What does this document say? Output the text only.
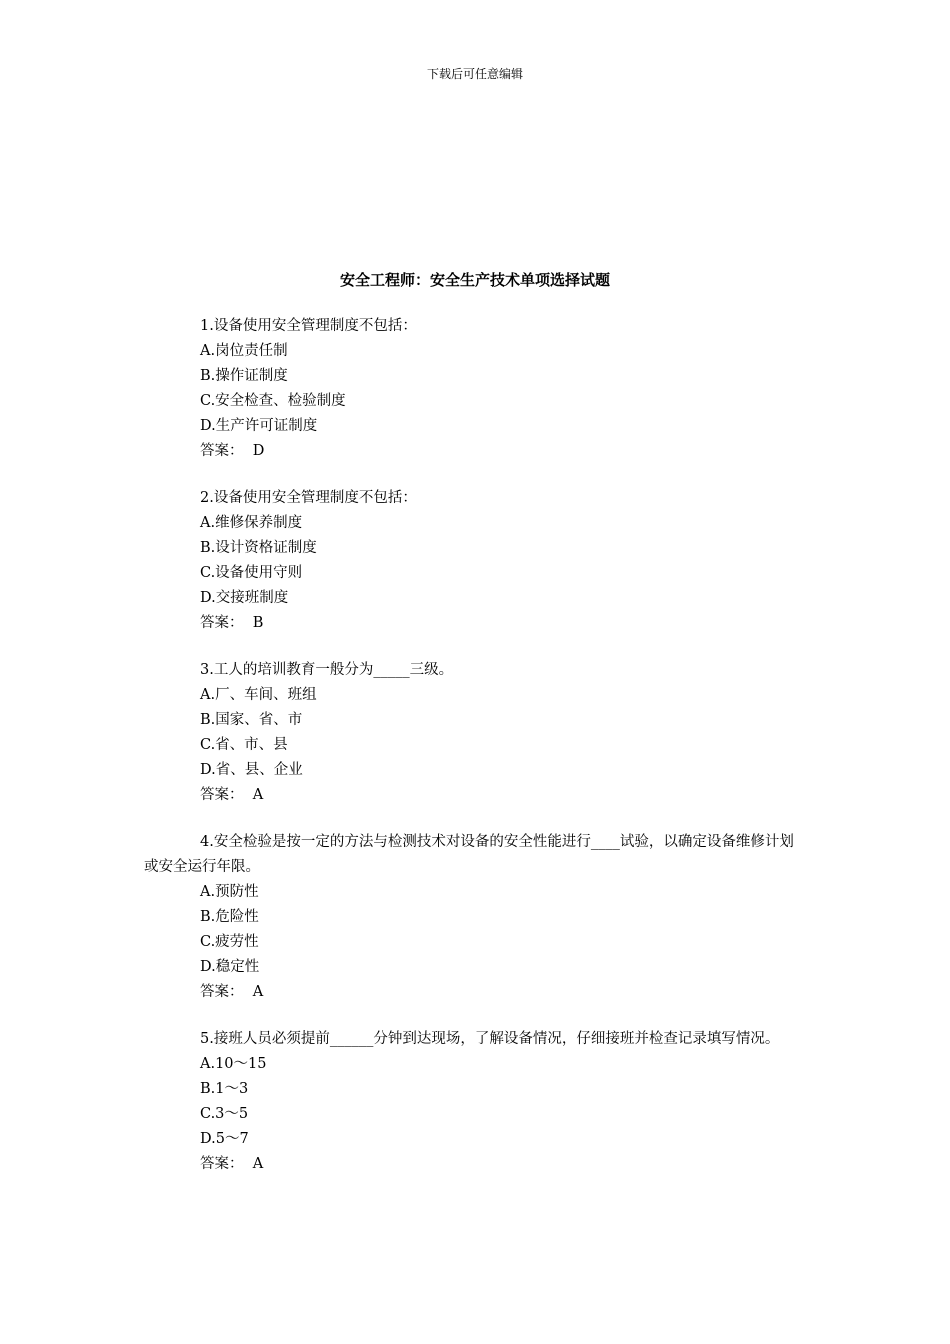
下载后可任意编辑
安全工程师：安全生产技术单项选择试题
1.设备使用安全管理制度不包括：
A.岗位责任制
B.操作证制度
C.安全检查、检验制度
D.生产许可证制度
答案： D
2.设备使用安全管理制度不包括：
A.维修保养制度
B.设计资格证制度
C.设备使用守则
D.交接班制度
答案： B
3.工人的培训教育一般分为_____三级。
A.厂、车间、班组
B.国家、省、市
C.省、市、县
D.省、县、企业
答案： A
4.安全检验是按一定的方法与检测技术对设备的安全性能进行____试验，以确定设备维修计划或安全运行年限。
A.预防性
B.危险性
C.疲劳性
D.稳定性
答案： A
5.接班人员必须提前______分钟到达现场，了解设备情况，仔细接班并检查记录填写情况。
A.10～15
B.1～3
C.3～5
D.5～7
答案： A
